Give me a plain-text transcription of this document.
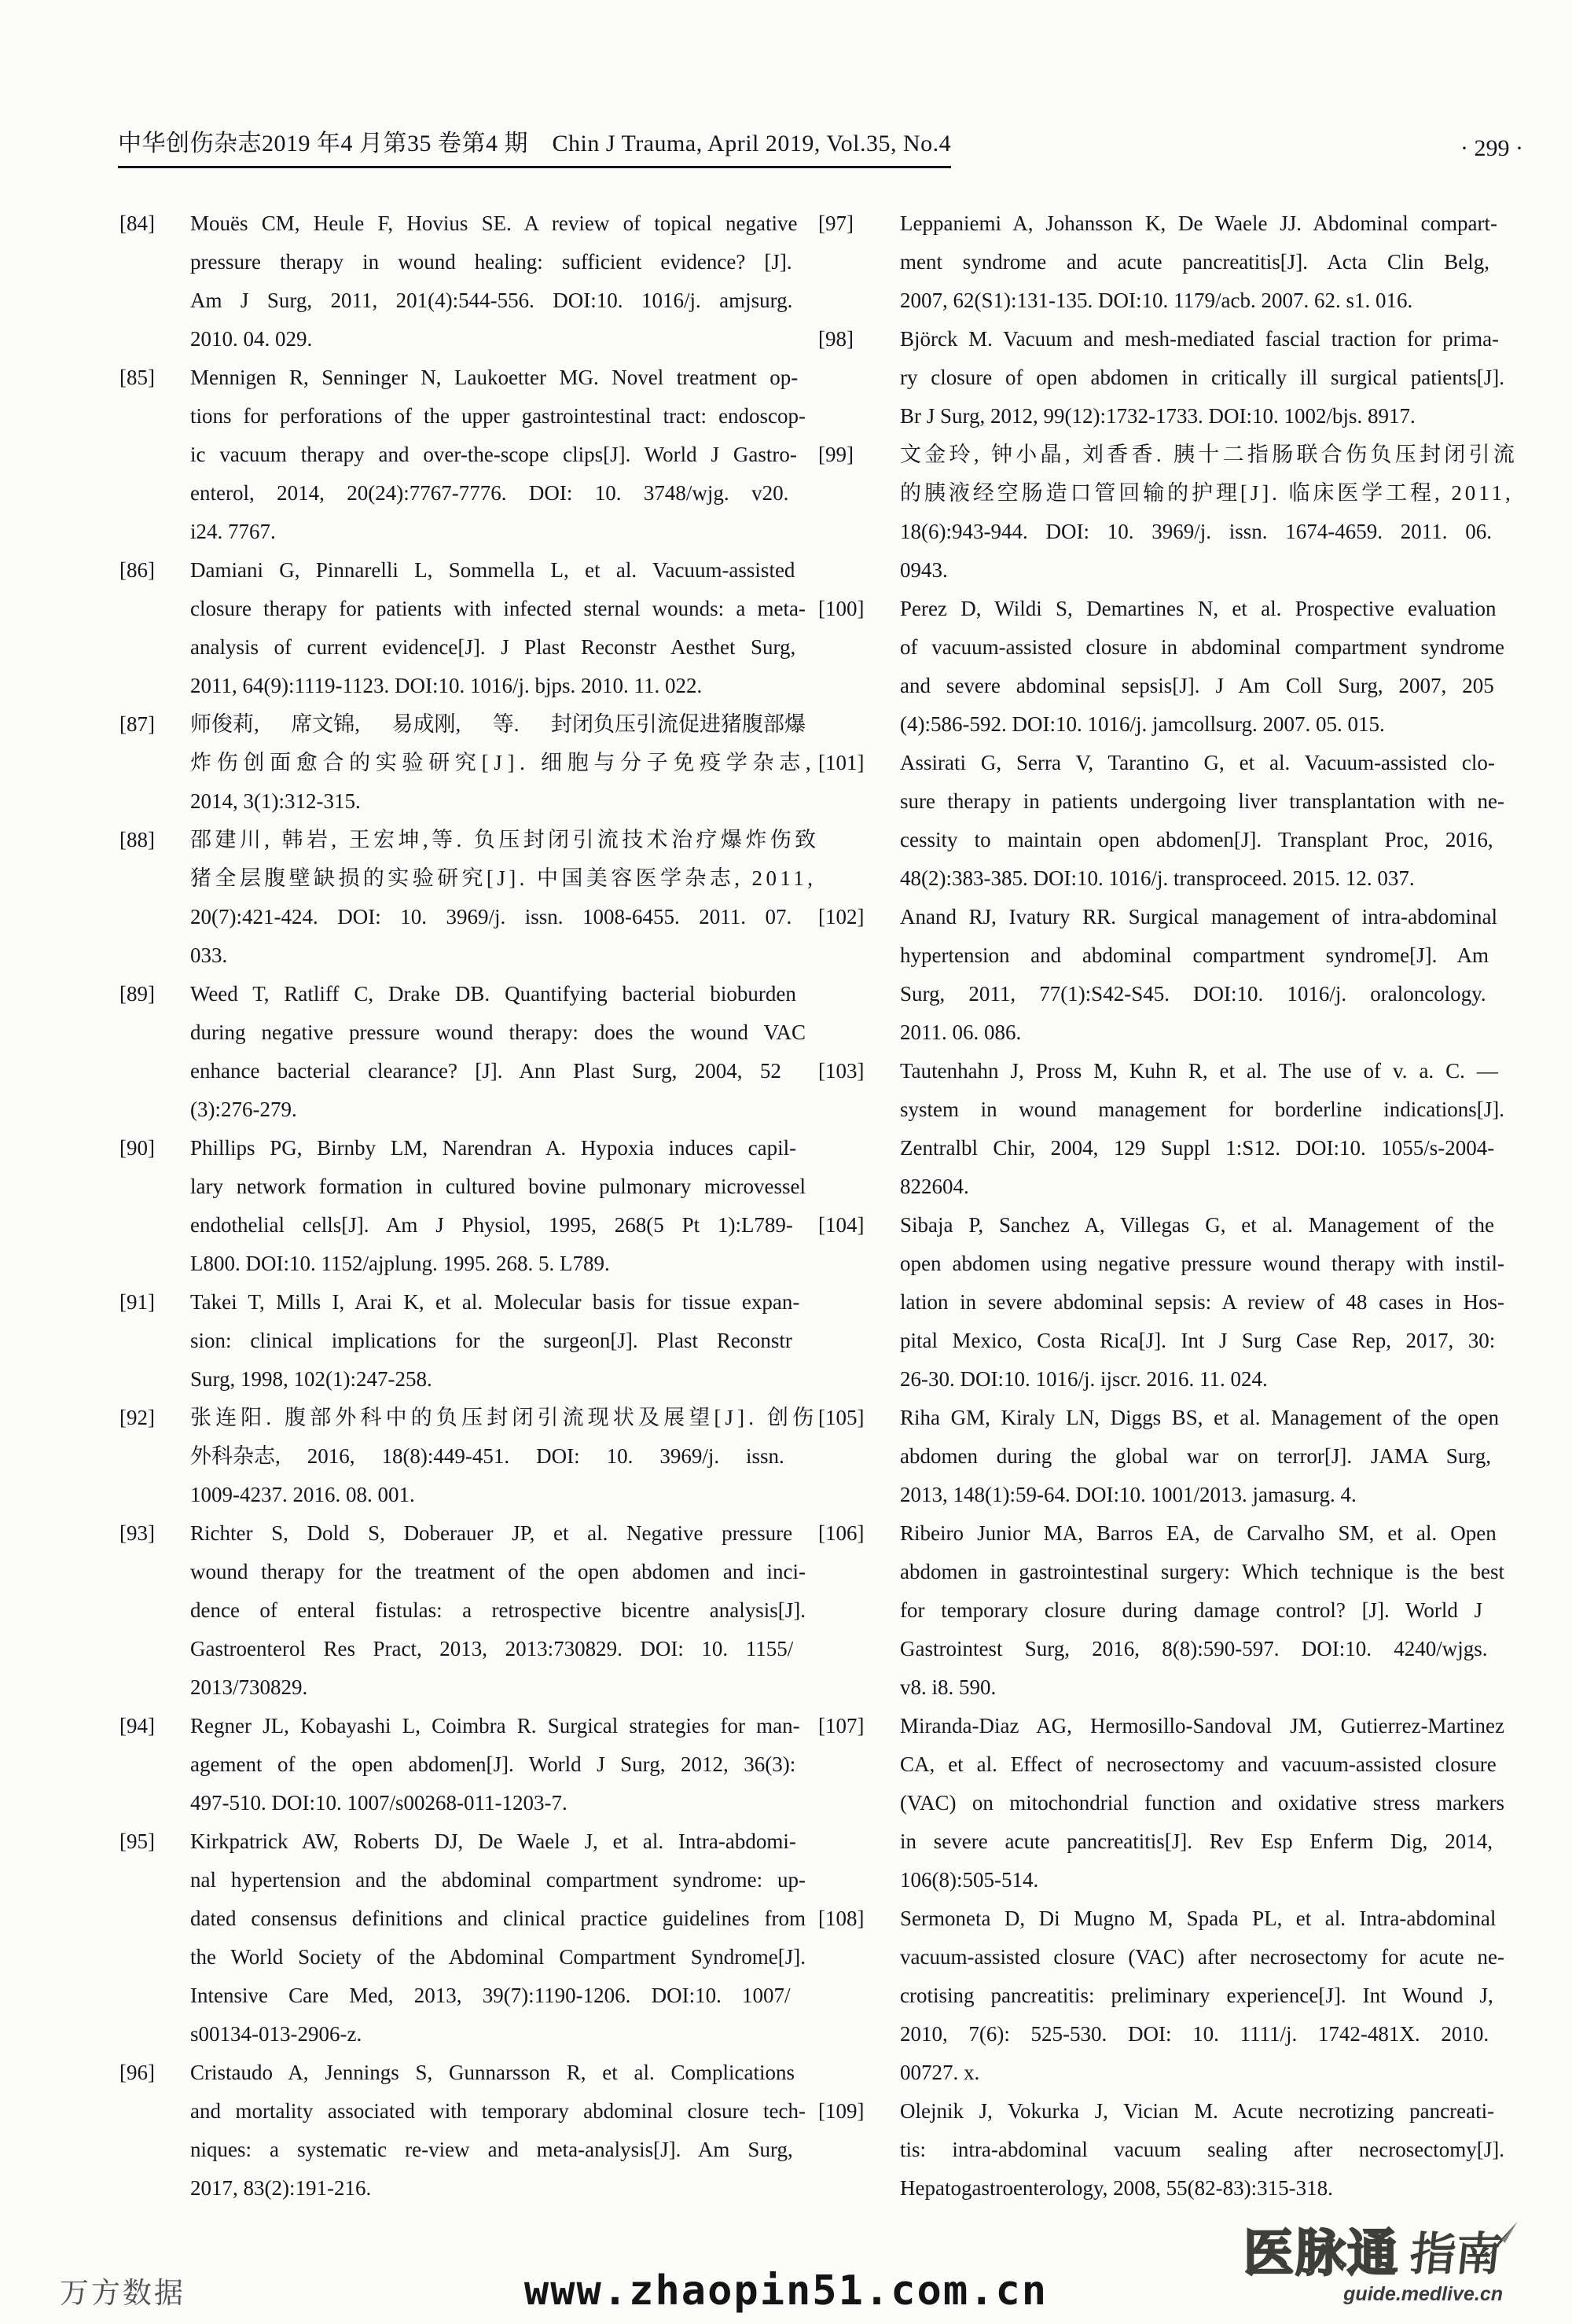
中华创伤杂志2019 年4 月第35 卷第4 期　Chin J Trauma, April 2019, Vol.35, No.4	· 299 ·
[84]	Mouës CM, Heule F, Hovius SE. A review of topical negative
pressure therapy in wound healing: sufficient evidence? [J].
Am J Surg, 2011, 201(4):544-556. DOI:10. 1016/j. amjsurg.
2010. 04. 029.
[85]	Mennigen R, Senninger N, Laukoetter MG. Novel treatment op-
tions for perforations of the upper gastrointestinal tract: endoscop-
ic vacuum therapy and over-the-scope clips[J]. World J Gastro-
enterol, 2014, 20(24):7767-7776. DOI: 10. 3748/wjg. v20.
i24. 7767.
[86]	Damiani G, Pinnarelli L, Sommella L, et al. Vacuum-assisted
closure therapy for patients with infected sternal wounds: a meta-
analysis of current evidence[J]. J Plast Reconstr Aesthet Surg,
2011, 64(9):1119-1123. DOI:10. 1016/j. bjps. 2010. 11. 022.
[87]	师俊莉, 席文锦, 易成刚, 等. 封闭负压引流促进猪腹部爆
炸伤创面愈合的实验研究[J]. 细胞与分子免疫学杂志,
2014, 3(1):312-315.
[88]	邵建川, 韩岩, 王宏坤,等. 负压封闭引流技术治疗爆炸伤致
猪全层腹壁缺损的实验研究[J]. 中国美容医学杂志, 2011,
20(7):421-424. DOI: 10. 3969/j. issn. 1008-6455. 2011. 07.
033.
[89]	Weed T, Ratliff C, Drake DB. Quantifying bacterial bioburden
during negative pressure wound therapy: does the wound VAC
enhance bacterial clearance? [J]. Ann Plast Surg, 2004, 52
(3):276-279.
[90]	Phillips PG, Birnby LM, Narendran A. Hypoxia induces capil-
lary network formation in cultured bovine pulmonary microvessel
endothelial cells[J]. Am J Physiol, 1995, 268(5 Pt 1):L789-
L800. DOI:10. 1152/ajplung. 1995. 268. 5. L789.
[91]	Takei T, Mills I, Arai K, et al. Molecular basis for tissue expan-
sion: clinical implications for the surgeon[J]. Plast Reconstr
Surg, 1998, 102(1):247-258.
[92]	张连阳. 腹部外科中的负压封闭引流现状及展望[J]. 创伤
外科杂志, 2016, 18(8):449-451. DOI: 10. 3969/j. issn.
1009-4237. 2016. 08. 001.
[93]	Richter S, Dold S, Doberauer JP, et al. Negative pressure
wound therapy for the treatment of the open abdomen and inci-
dence of enteral fistulas: a retrospective bicentre analysis[J].
Gastroenterol Res Pract, 2013, 2013:730829. DOI: 10. 1155/
2013/730829.
[94]	Regner JL, Kobayashi L, Coimbra R. Surgical strategies for man-
agement of the open abdomen[J]. World J Surg, 2012, 36(3):
497-510. DOI:10. 1007/s00268-011-1203-7.
[95]	Kirkpatrick AW, Roberts DJ, De Waele J, et al. Intra-abdomi-
nal hypertension and the abdominal compartment syndrome: up-
dated consensus definitions and clinical practice guidelines from
the World Society of the Abdominal Compartment Syndrome[J].
Intensive Care Med, 2013, 39(7):1190-1206. DOI:10. 1007/
s00134-013-2906-z.
[96]	Cristaudo A, Jennings S, Gunnarsson R, et al. Complications
and mortality associated with temporary abdominal closure tech-
niques: a systematic re-view and meta-analysis[J]. Am Surg,
2017, 83(2):191-216.
[97]	Leppaniemi A, Johansson K, De Waele JJ. Abdominal compart-
ment syndrome and acute pancreatitis[J]. Acta Clin Belg,
2007, 62(S1):131-135. DOI:10. 1179/acb. 2007. 62. s1. 016.
[98]	Björck M. Vacuum and mesh-mediated fascial traction for prima-
ry closure of open abdomen in critically ill surgical patients[J].
Br J Surg, 2012, 99(12):1732-1733. DOI:10. 1002/bjs. 8917.
[99]	文金玲, 钟小晶, 刘香香. 胰十二指肠联合伤负压封闭引流
的胰液经空肠造口管回输的护理[J]. 临床医学工程, 2011,
18(6):943-944. DOI: 10. 3969/j. issn. 1674-4659. 2011. 06.
0943.
[100]	Perez D, Wildi S, Demartines N, et al. Prospective evaluation
of vacuum-assisted closure in abdominal compartment syndrome
and severe abdominal sepsis[J]. J Am Coll Surg, 2007, 205
(4):586-592. DOI:10. 1016/j. jamcollsurg. 2007. 05. 015.
[101]	Assirati G, Serra V, Tarantino G, et al. Vacuum-assisted clo-
sure therapy in patients undergoing liver transplantation with ne-
cessity to maintain open abdomen[J]. Transplant Proc, 2016,
48(2):383-385. DOI:10. 1016/j. transproceed. 2015. 12. 037.
[102]	Anand RJ, Ivatury RR. Surgical management of intra-abdominal
hypertension and abdominal compartment syndrome[J]. Am
Surg, 2011, 77(1):S42-S45. DOI:10. 1016/j. oraloncology.
2011. 06. 086.
[103]	Tautenhahn J, Pross M, Kuhn R, et al. The use of v. a. C. —
system in wound management for borderline indications[J].
Zentralbl Chir, 2004, 129 Suppl 1:S12. DOI:10. 1055/s-2004-
822604.
[104]	Sibaja P, Sanchez A, Villegas G, et al. Management of the
open abdomen using negative pressure wound therapy with instil-
lation in severe abdominal sepsis: A review of 48 cases in Hos-
pital Mexico, Costa Rica[J]. Int J Surg Case Rep, 2017, 30:
26-30. DOI:10. 1016/j. ijscr. 2016. 11. 024.
[105]	Riha GM, Kiraly LN, Diggs BS, et al. Management of the open
abdomen during the global war on terror[J]. JAMA Surg,
2013, 148(1):59-64. DOI:10. 1001/2013. jamasurg. 4.
[106]	Ribeiro Junior MA, Barros EA, de Carvalho SM, et al. Open
abdomen in gastrointestinal surgery: Which technique is the best
for temporary closure during damage control? [J]. World J
Gastrointest Surg, 2016, 8(8):590-597. DOI:10. 4240/wjgs.
v8. i8. 590.
[107]	Miranda-Diaz AG, Hermosillo-Sandoval JM, Gutierrez-Martinez
CA, et al. Effect of necrosectomy and vacuum-assisted closure
(VAC) on mitochondrial function and oxidative stress markers
in severe acute pancreatitis[J]. Rev Esp Enferm Dig, 2014,
106(8):505-514.
[108]	Sermoneta D, Di Mugno M, Spada PL, et al. Intra-abdominal
vacuum-assisted closure (VAC) after necrosectomy for acute ne-
crotising pancreatitis: preliminary experience[J]. Int Wound J,
2010, 7(6): 525-530. DOI: 10. 1111/j. 1742-481X. 2010.
00727. x.
[109]	Olejnik J, Vokurka J, Vician M. Acute necrotizing pancreati-
tis: intra-abdominal vacuum sealing after necrosectomy[J].
Hepatogastroenterology, 2008, 55(82-83):315-318.
万方数据	www.zhaopin51.com.cn
医脉通 指南
guide.medlive.cn
